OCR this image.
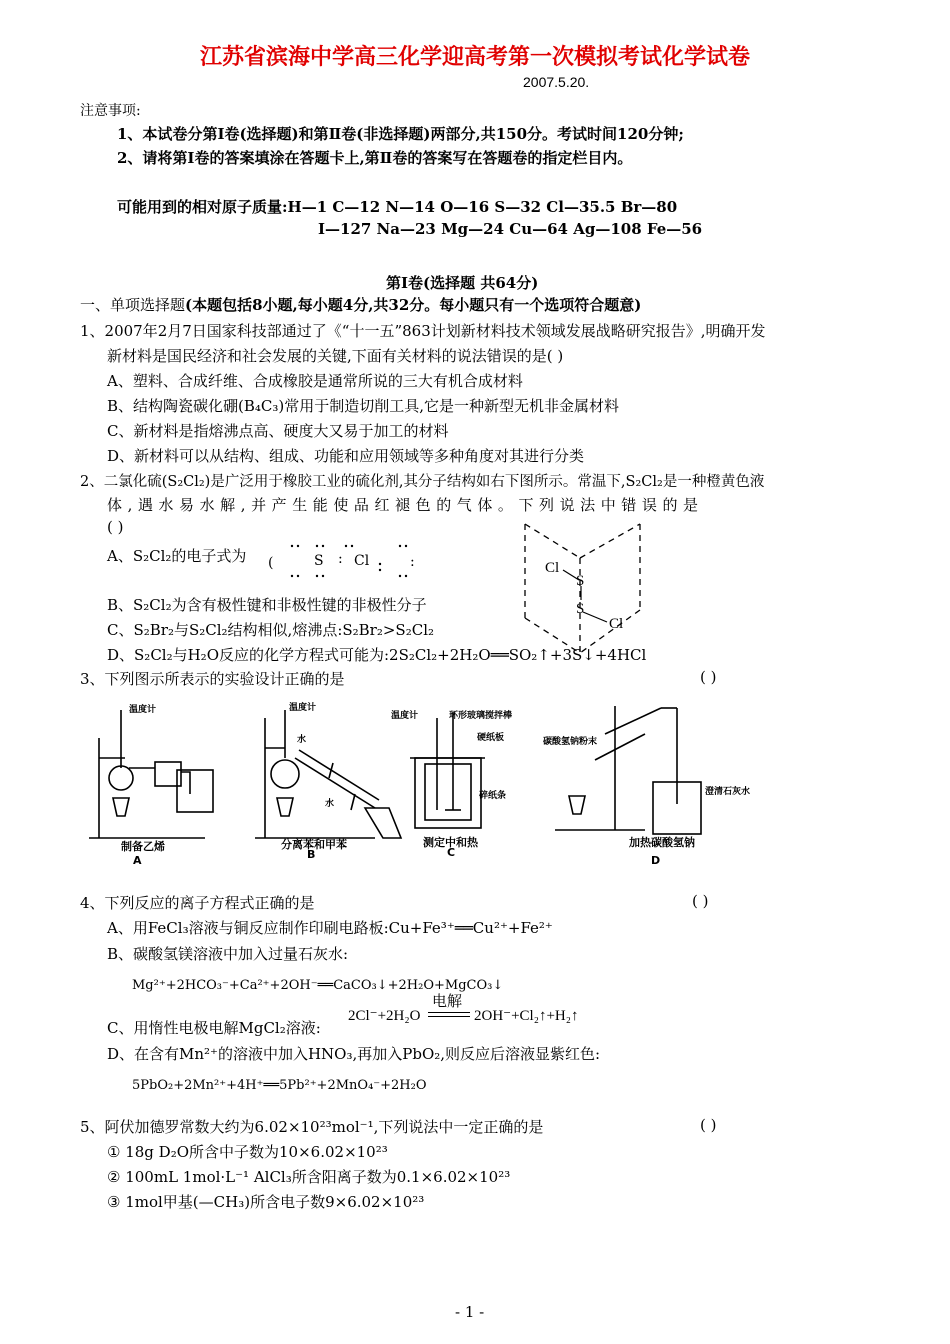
江苏省滨海中学高三化学迎高考第一次模拟考试化学试卷
2007.5.20.
注意事项:
1、本试卷分第Ⅰ卷(选择题)和第Ⅱ卷(非选择题)两部分,共150分。考试时间120分钟;
2、请将第Ⅰ卷的答案填涂在答题卡上,第Ⅱ卷的答案写在答题卷的指定栏目内。
可能用到的相对原子质量:H—1 C—12 N—14 O—16 S—32 Cl—35.5 Br—80
I—127 Na—23 Mg—24 Cu—64 Ag—108 Fe—56
第Ⅰ卷(选择题 共64分)
一、单项选择题(本题包括8小题,每小题4分,共32分。每小题只有一个选项符合题意)
1、2007年2月7日国家科技部通过了《“十一五”863计划新材料技术领域发展战略研究报告》,明确开发
新材料是国民经济和社会发展的关键,下面有关材料的说法错误的是( )
A、塑料、合成纤维、合成橡胶是通常所说的三大有机合成材料
B、结构陶瓷碳化硼(B₄C₃)常用于制造切削工具,它是一种新型无机非金属材料
C、新材料是指熔沸点高、硬度大又易于加工的材料
D、新材料可以从结构、组成、功能和应用领域等多种角度对其进行分类
2、二氯化硫(S₂Cl₂)是广泛用于橡胶工业的硫化剂,其分子结构如右下图所示。常温下,S₂Cl₂是一种橙黄色液
体 , 遇 水 易 水 解 , 并 产 生 能 使 品 红 褪 色 的 气 体 。 下 列 说 法 中 错 误 的 是
( )
A、S₂Cl₂的电子式为 (	S : Cl	:	Cl
S
S
Cl
B、S₂Cl₂为含有极性键和非极性键的非极性分子
C、S₂Br₂与S₂Cl₂结构相似,熔沸点:S₂Br₂>S₂Cl₂
D、S₂Cl₂与H₂O反应的化学方程式可能为:2S₂Cl₂+2H₂O══SO₂↑+3S↓+4HCl
3、下列图示所表示的实验设计正确的是	( )
温度计	温度计
水
水
温度计	环形玻璃搅拌棒
硬纸板
碎纸条
碳酸氢钠粉末
澄清石灰水
制备乙烯
A
分离苯和甲苯
B
测定中和热
C
加热碳酸氢钠
D
4、下列反应的离子方程式正确的是	( )
A、用FeCl₃溶液与铜反应制作印刷电路板:Cu+Fe³⁺══Cu²⁺+Fe²⁺
B、碳酸氢镁溶液中加入过量石灰水:
Mg²⁺+2HCO₃⁻+Ca²⁺+2OH⁻══CaCO₃↓+2H₂O+MgCO₃↓
C、用惰性电极电解MgCl₂溶液:
2Cl⁻+2H₂O
电解
2OH⁻+Cl₂↑+H₂↑
D、在含有Mn²⁺的溶液中加入HNO₃,再加入PbO₂,则反应后溶液显紫红色:
5PbO₂+2Mn²⁺+4H⁺══5Pb²⁺+2MnO₄⁻+2H₂O
5、阿伏加德罗常数大约为6.02×10²³mol⁻¹,下列说法中一定正确的是	( )
① 18g D₂O所含中子数为10×6.02×10²³
② 100mL 1mol·L⁻¹ AlCl₃所含阳离子数为0.1×6.02×10²³
③ 1mol甲基(—CH₃)所含电子数9×6.02×10²³
- 1 -
